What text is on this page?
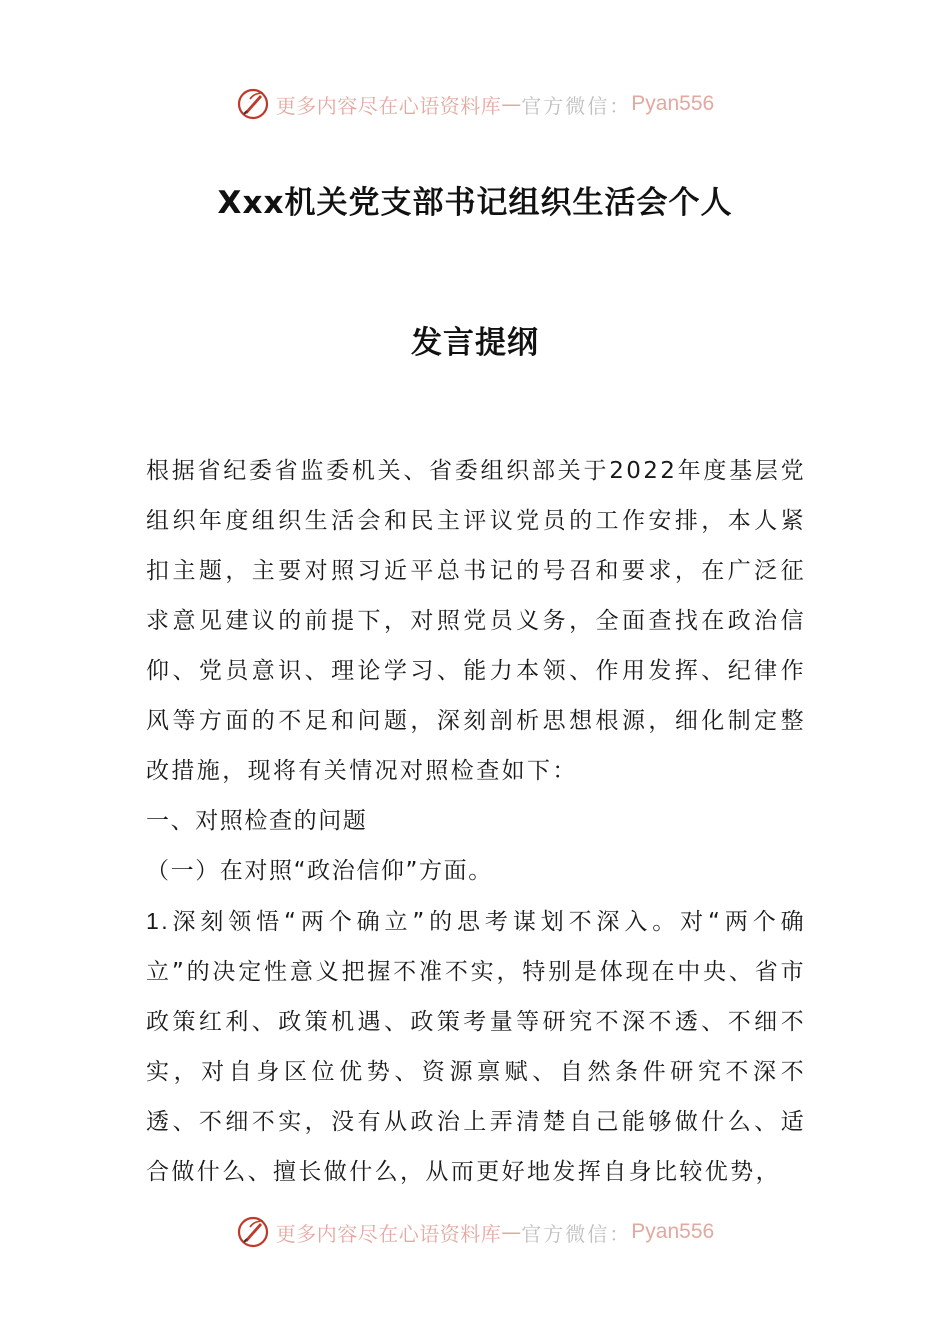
更多内容尽在心语资料库 — 官方微信： Pyan556
Xxx机关党支部书记组织生活会个人
发言提纲

根据省纪委省监委机关、省委组织部关于2022年度基层党组织年度组织生活会和民主评议党员的工作安排，本人紧扣主题，主要对照习近平总书记的号召和要求，在广泛征求意见建议的前提下，对照党员义务，全面查找在政治信仰、党员意识、理论学习、能力本领、作用发挥、纪律作风等方面的不足和问题，深刻剖析思想根源，细化制定整改措施，现将有关情况对照检查如下：

一、对照检查的问题

（一）在对照“政治信仰”方面。

1.深刻领悟“两个确立”的思考谋划不深入。对“两个确立”的决定性意义把握不准不实，特别是体现在中央、省市政策红利、政策机遇、政策考量等研究不深不透、不细不实，对自身区位优势、资源禀赋、自然条件研究不深不透、不细不实，没有从政治上弄清楚自己能够做什么、适合做什么、擅长做什么，从而更好地发挥自身比较优势，

更多内容尽在心语资料库 — 官方微信： Pyan556
